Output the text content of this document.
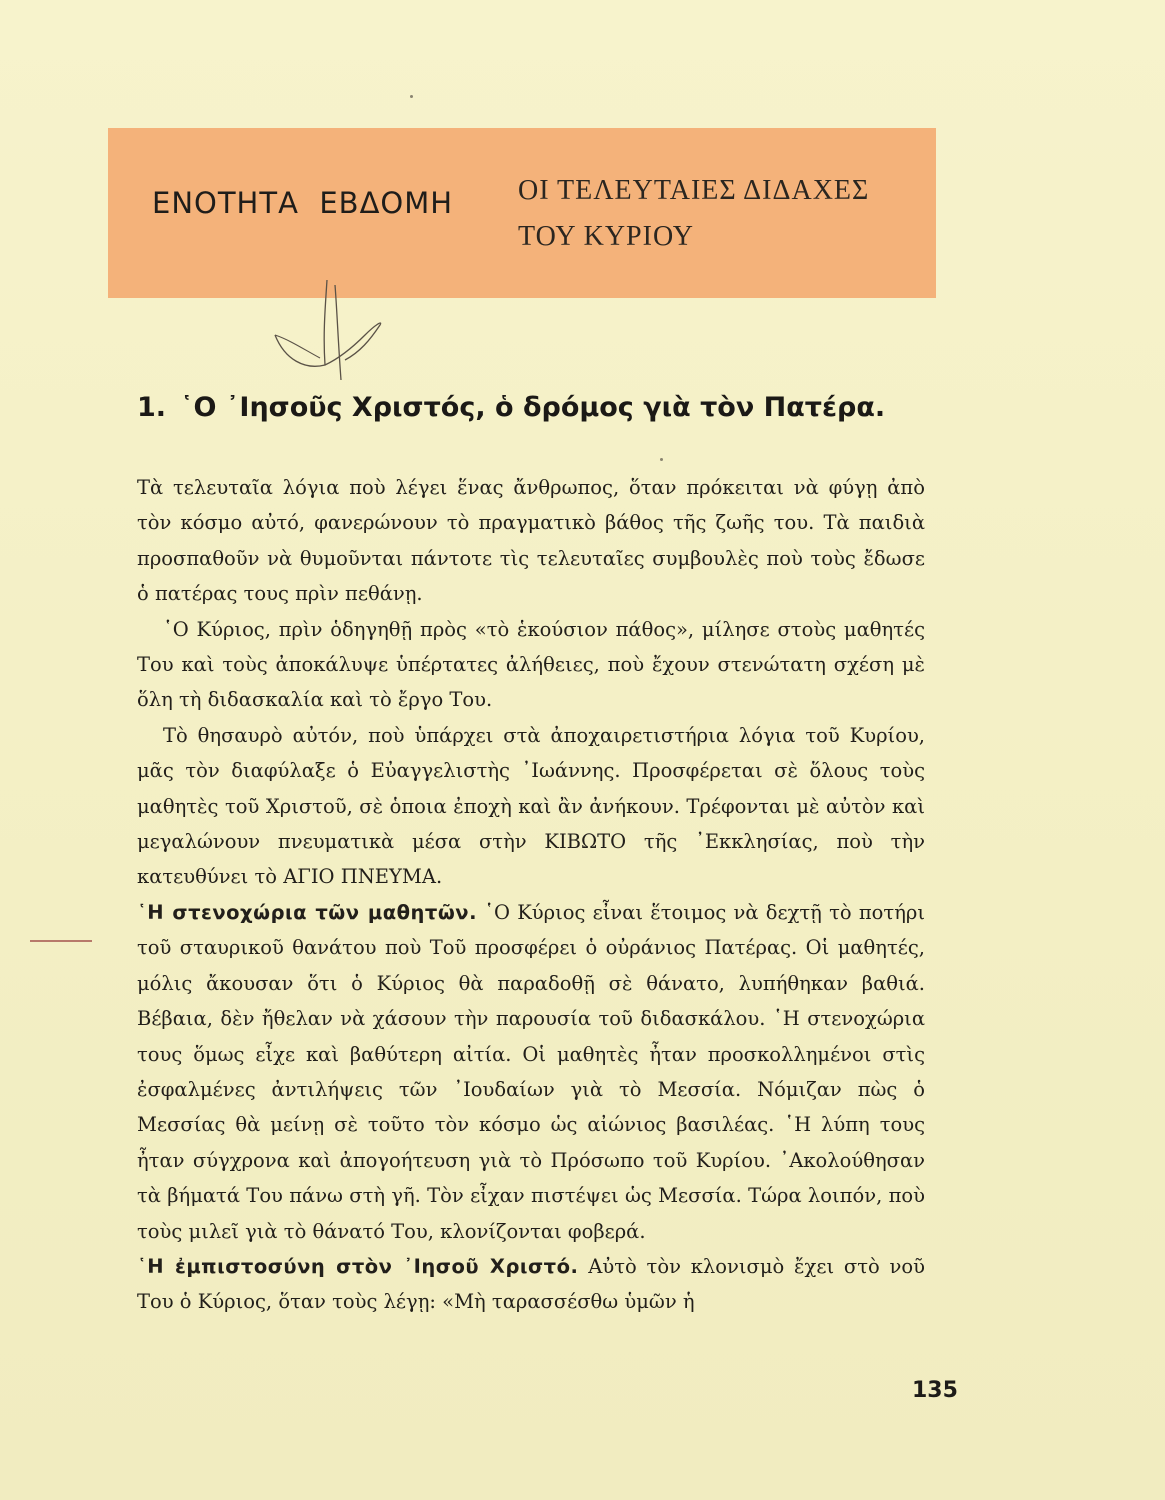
ΕΝΟΤΗΤΑ  ΕΒΔΟΜΗ ΟΙ ΤΕΛΕΥΤΑΙΕΣ ΔΙΔΑΧΕΣ
ΤΟΥ ΚΥΡΙΟΥ
1. ῾Ο ᾿Ιησοῦς Χριστός, ὁ δρόμος γιὰ τὸν Πατέρα.

Τὰ τελευταῖα λόγια ποὺ λέγει ἕνας ἄνθρωπος, ὅταν πρόκειται νὰ φύγῃ ἀπὸ τὸν κόσμο αὐτό, φανερώνουν τὸ πραγματικὸ βάθος τῆς ζωῆς του. Τὰ παιδιὰ προσπαθοῦν νὰ θυμοῦνται πάντοτε τὶς τελευταῖες συμβουλὲς ποὺ τοὺς ἔδωσε ὁ πατέρας τους πρὶν πεθάνῃ.

῾Ο Κύριος, πρὶν ὁδηγηθῇ πρὸς «τὸ ἑκούσιον πάθος», μίλησε στοὺς μαθητές Του καὶ τοὺς ἀποκάλυψε ὑπέρτατες ἀλήθειες, ποὺ ἔχουν στενώτατη σχέση μὲ ὅλη τὴ διδασκαλία καὶ τὸ ἔργο Του.

Τὸ θησαυρὸ αὐτόν, ποὺ ὑπάρχει στὰ ἀποχαιρετιστήρια λόγια τοῦ Κυρίου, μᾶς τὸν διαφύλαξε ὁ Εὐαγγελιστὴς ᾿Ιωάννης. Προσφέρεται σὲ ὅλους τοὺς μαθητὲς τοῦ Χριστοῦ, σὲ ὁποια ἐποχὴ καὶ ἂν ἀνήκουν. Τρέφονται μὲ αὐτὸν καὶ μεγαλώνουν πνευματικὰ μέσα στὴν ΚΙΒΩΤΟ τῆς ᾿Εκκλησίας, ποὺ τὴν κατευθύνει τὸ ΑΓΙΟ ΠΝΕΥΜΑ.

῾Η στενοχώρια τῶν μαθητῶν. ῾Ο Κύριος εἶναι ἕτοιμος νὰ δεχτῇ τὸ ποτήρι τοῦ σταυρικοῦ θανάτου ποὺ Τοῦ προσφέρει ὁ οὐράνιος Πατέρας. Οἱ μαθητές, μόλις ἄκουσαν ὅτι ὁ Κύριος θὰ παραδοθῇ σὲ θάνατο, λυπήθηκαν βαθιά. Βέβαια, δὲν ἤθελαν νὰ χάσουν τὴν παρουσία τοῦ διδασκάλου. ῾Η στενοχώρια τους ὅμως εἶχε καὶ βαθύτερη αἰτία. Οἱ μαθητὲς ἦταν προσκολλημένοι στὶς ἐσφαλμένες ἀντιλήψεις τῶν ᾿Ιουδαίων γιὰ τὸ Μεσσία. Νόμιζαν πὼς ὁ Μεσσίας θὰ μείνῃ σὲ τοῦτο τὸν κόσμο ὡς αἰώνιος βασιλέας. ῾Η λύπη τους ἦταν σύγχρονα καὶ ἀπογοήτευση γιὰ τὸ Πρόσωπο τοῦ Κυρίου. ᾿Ακολούθησαν τὰ βήματά Του πάνω στὴ γῆ. Τὸν εἶχαν πιστέψει ὡς Μεσσία. Τώρα λοιπόν, ποὺ τοὺς μιλεῖ γιὰ τὸ θάνατό Του, κλονίζονται φοβερά.

῾Η ἐμπιστοσύνη στὸν ᾿Ιησοῦ Χριστό. Αὐτὸ τὸν κλονισμὸ ἔχει στὸ νοῦ Του ὁ Κύριος, ὅταν τοὺς λέγῃ: «Μὴ ταρασσέσθω ὑμῶν ἡ

135
